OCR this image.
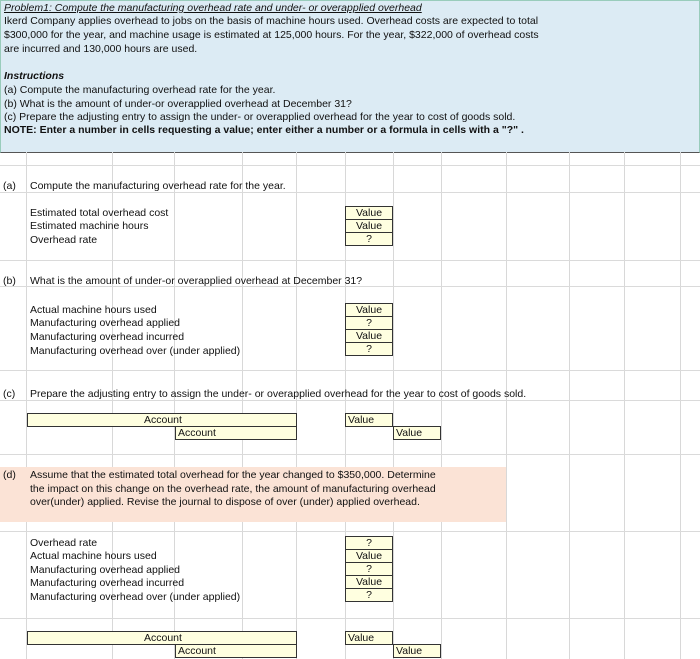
Problem1: Compute the manufacturing overhead rate and under- or overapplied overhead
Ikerd Company applies overhead to jobs on the basis of machine hours used. Overhead costs are expected to total
$300,000 for the year, and machine usage is estimated at 125,000 hours. For the year, $322,000 of overhead costs
are incurred and 130,000 hours are used.
Instructions
(a) Compute the manufacturing overhead rate for the year.
(b) What is the amount of under-or overapplied overhead at December 31?
(c) Prepare the adjusting entry to assign the under- or overapplied overhead for the year to cost of goods sold.
NOTE: Enter a number in cells requesting a value; enter either a number or a formula in cells with a "?" .
(a) Compute the manufacturing overhead rate for the year.
Estimated total overhead cost
Estimated machine hours
Overhead rate
Value
Value
?
(b) What is the amount of under-or overapplied overhead at December 31?
Actual machine hours used
Manufacturing overhead applied
Manufacturing overhead incurred
Manufacturing overhead over (under applied)
Value
?
Value
?
(c) Prepare the adjusting entry to assign the under- or overapplied overhead for the year to cost of goods sold.
Account
Account
Value
Value
(d) Assume that the estimated total overhead for the year changed to $350,000. Determine
the impact on this change on the overhead rate, the amount of manufacturing overhead
over(under) applied. Revise the journal to dispose of over (under) applied overhead.
Overhead rate
Actual machine hours used
Manufacturing overhead applied
Manufacturing overhead incurred
Manufacturing overhead over (under applied)
?
Value
?
Value
?
Account
Account
Value
Value
